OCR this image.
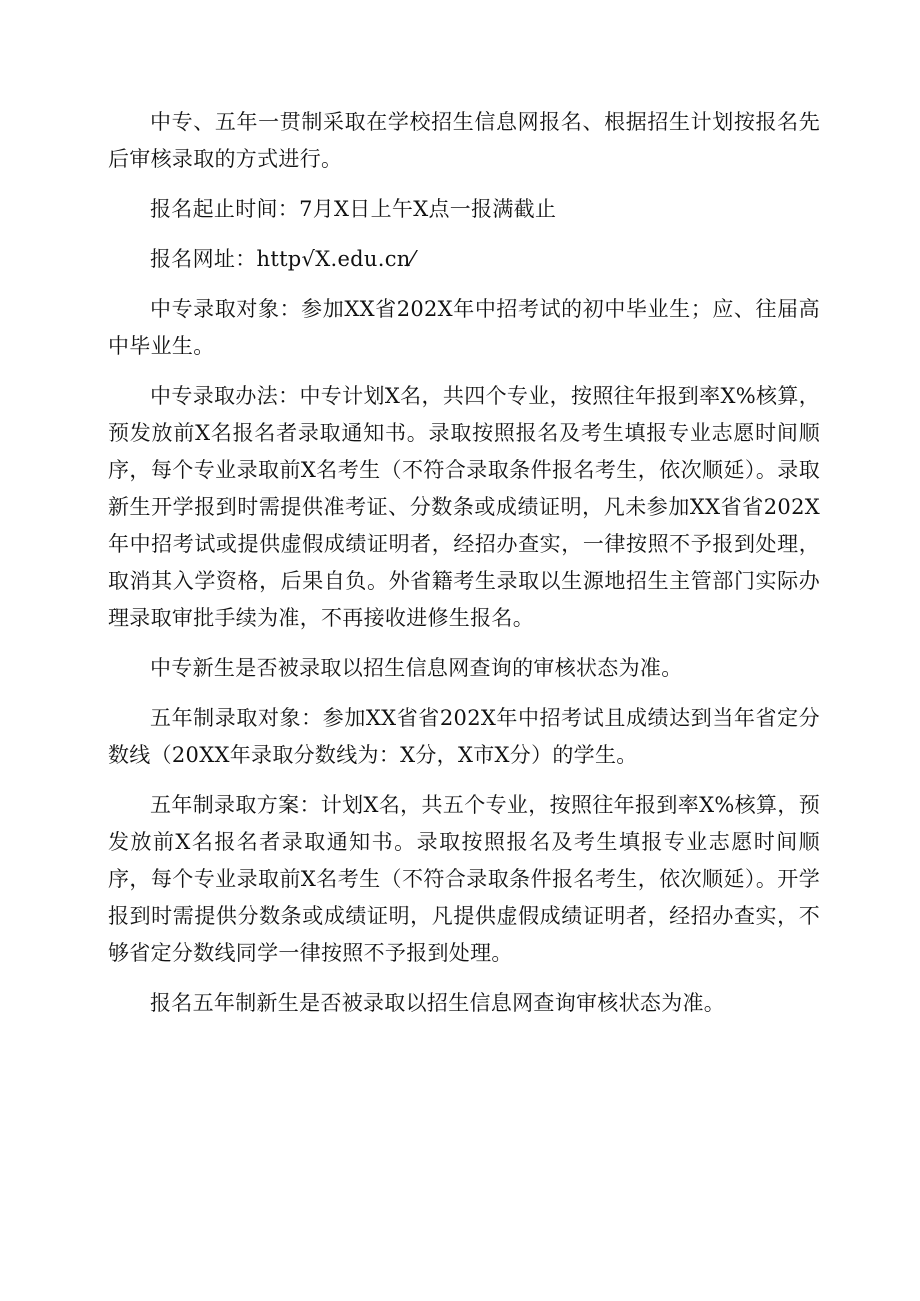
中专、五年一贯制采取在学校招生信息网报名、根据招生计划按报名先后审核录取的方式进行。

报名起止时间：7月X日上午X点一报满截止

报名网址：http√X.edu.cn⁄

中专录取对象：参加XX省202X年中招考试的初中毕业生；应、往届高中毕业生。

中专录取办法：中专计划X名，共四个专业，按照往年报到率X%核算，预发放前X名报名者录取通知书。录取按照报名及考生填报专业志愿时间顺序，每个专业录取前X名考生（不符合录取条件报名考生，依次顺延）。录取新生开学报到时需提供准考证、分数条或成绩证明，凡未参加XX省省202X年中招考试或提供虚假成绩证明者，经招办查实，一律按照不予报到处理，取消其入学资格，后果自负。外省籍考生录取以生源地招生主管部门实际办理录取审批手续为准，不再接收进修生报名。

中专新生是否被录取以招生信息网查询的审核状态为准。

五年制录取对象：参加XX省省202X年中招考试且成绩达到当年省定分数线（20XX年录取分数线为：X分，X市X分）的学生。

五年制录取方案：计划X名，共五个专业，按照往年报到率X%核算，预发放前X名报名者录取通知书。录取按照报名及考生填报专业志愿时间顺序，每个专业录取前X名考生（不符合录取条件报名考生，依次顺延）。开学报到时需提供分数条或成绩证明，凡提供虚假成绩证明者，经招办查实，不够省定分数线同学一律按照不予报到处理。

报名五年制新生是否被录取以招生信息网查询审核状态为准。
